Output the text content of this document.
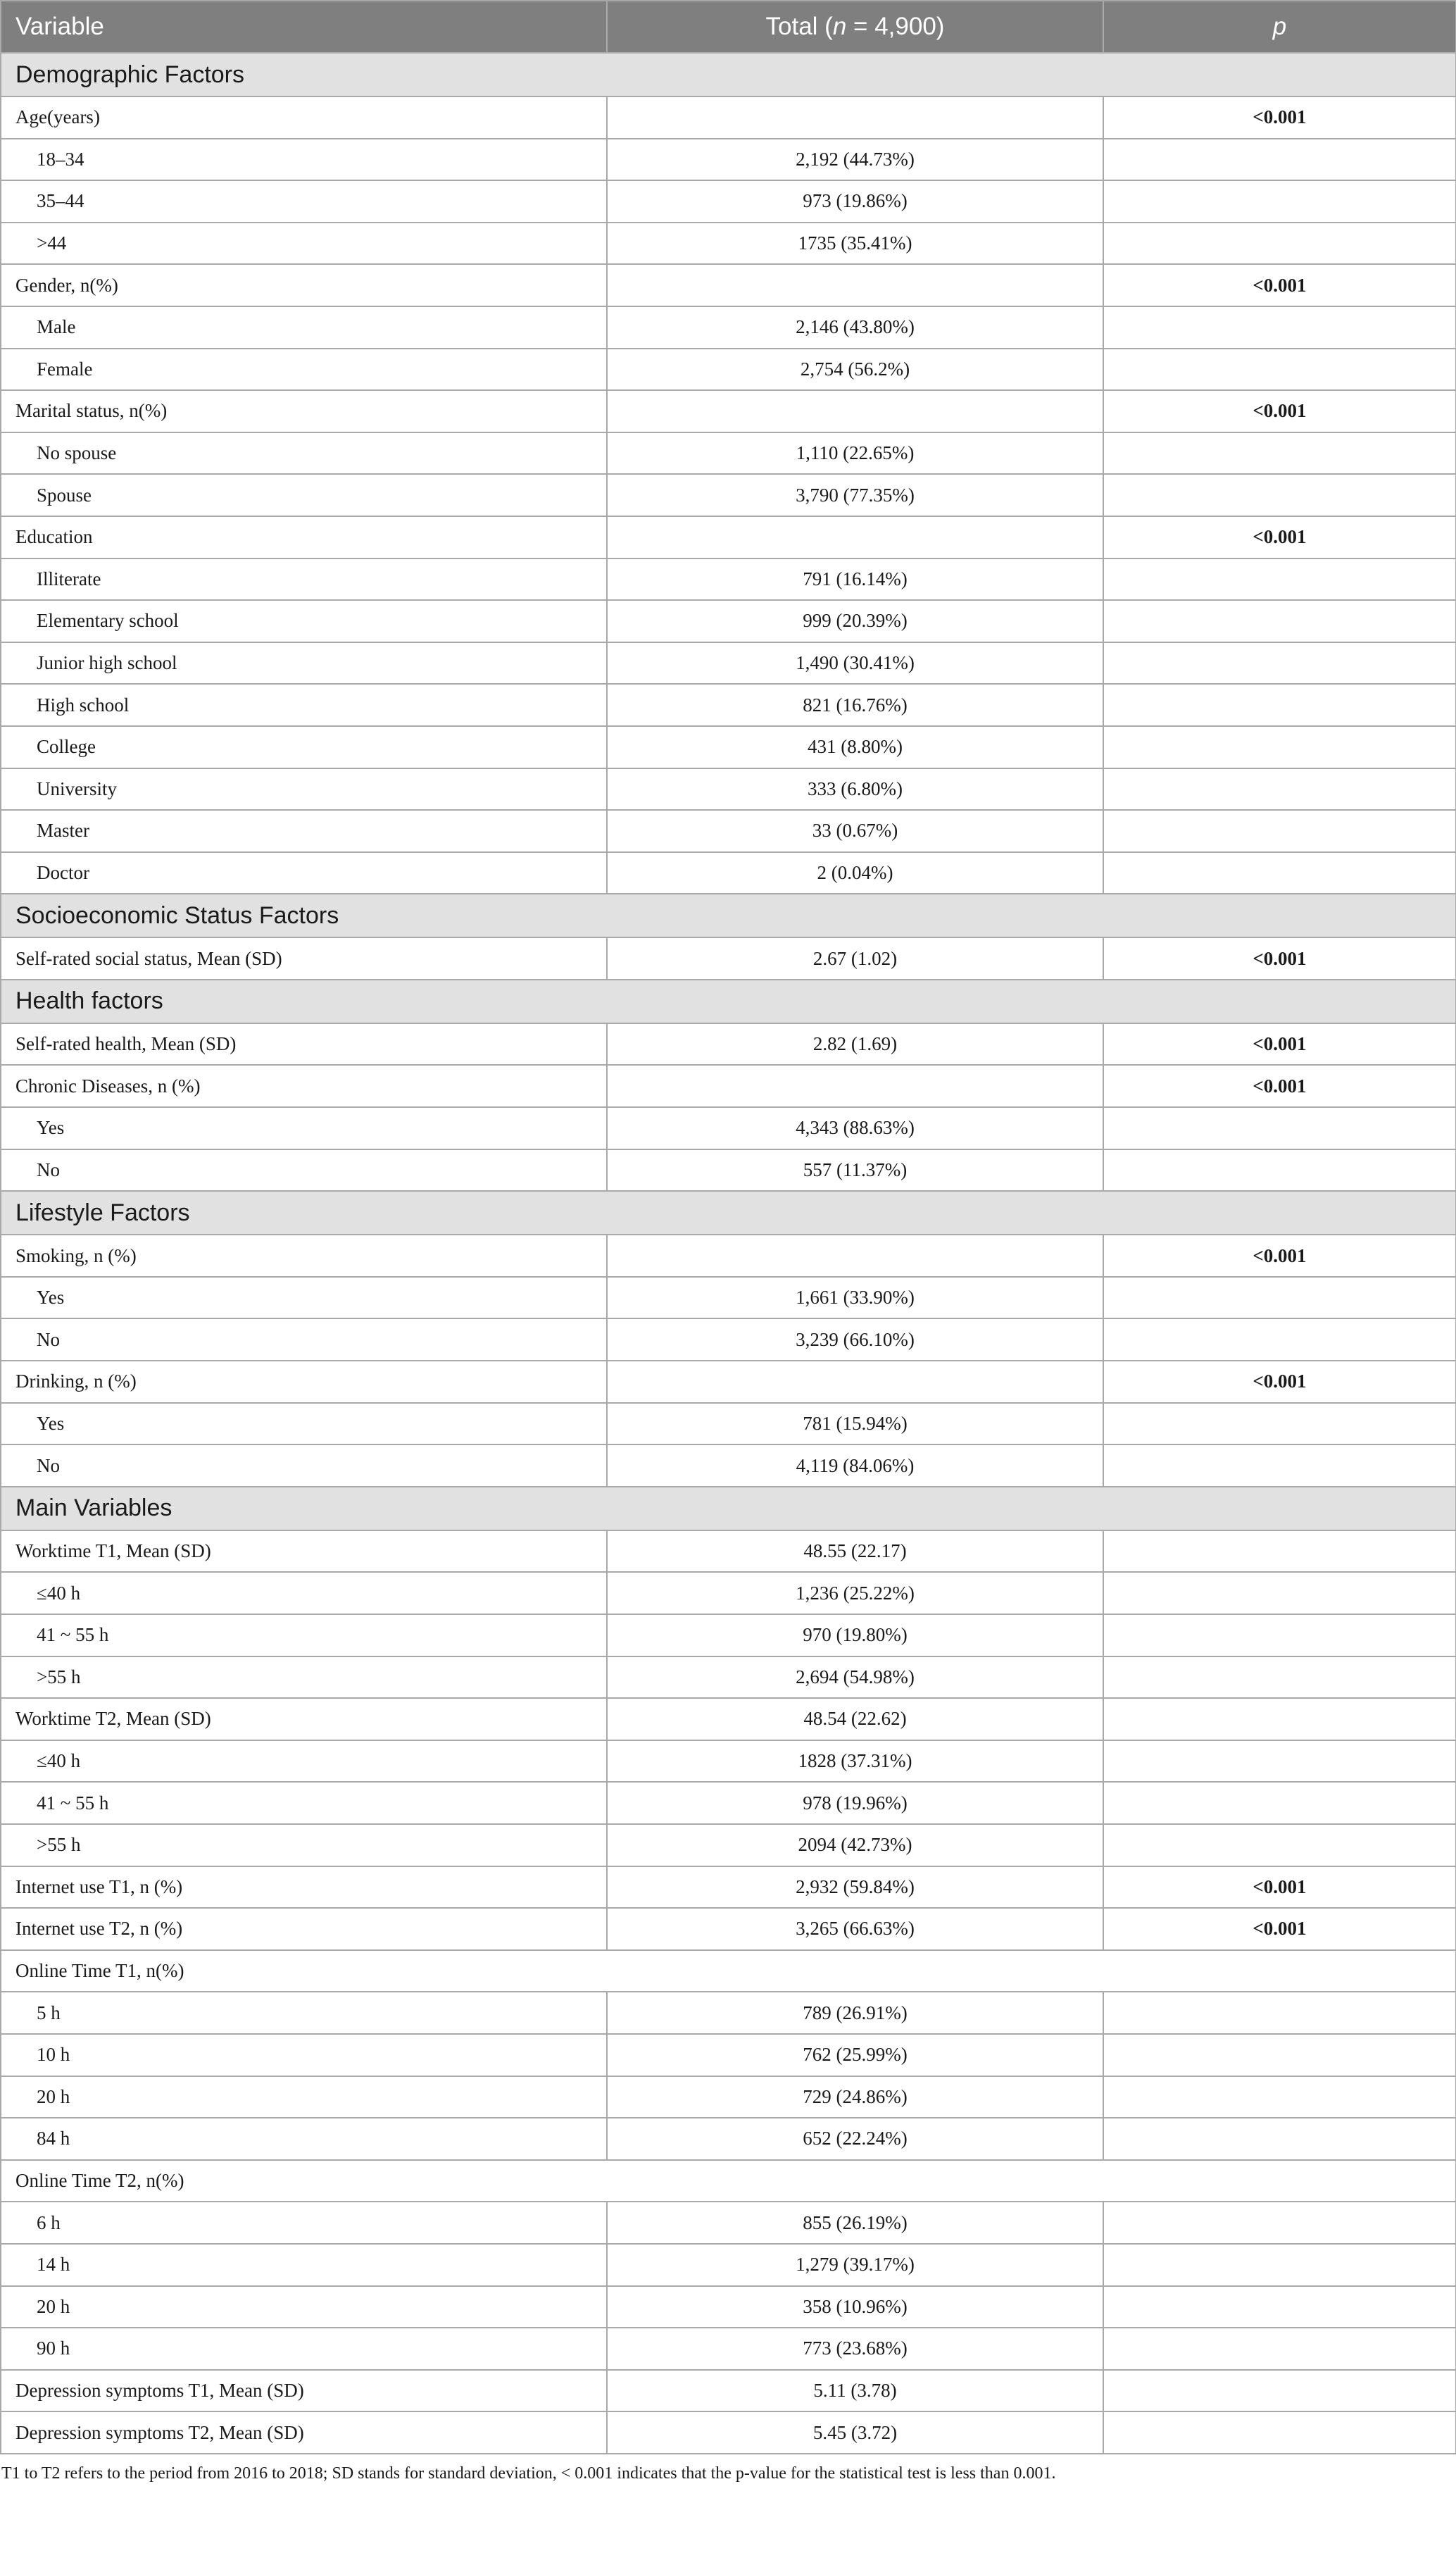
Variable	Total (n = 4,900)	p
Demographic Factors		
Age(years)		<0.001
18–34	2,192 (44.73%)	
35–44	973 (19.86%)	
>44	1735 (35.41%)	
Gender, n(%)		<0.001
Male	2,146 (43.80%)	
Female	2,754 (56.2%)	
Marital status, n(%)		<0.001
No spouse	1,110 (22.65%)	
Spouse	3,790 (77.35%)	
Education		<0.001
Illiterate	791 (16.14%)	
Elementary school	999 (20.39%)	
Junior high school	1,490 (30.41%)	
High school	821 (16.76%)	
College	431 (8.80%)	
University	333 (6.80%)	
Master	33 (0.67%)	
Doctor	2 (0.04%)	
Socioeconomic Status Factors		
Self-rated social status, Mean (SD)	2.67 (1.02)	<0.001
Health factors		
Self-rated health, Mean (SD)	2.82 (1.69)	<0.001
Chronic Diseases, n (%)		<0.001
Yes	4,343 (88.63%)	
No	557 (11.37%)	
Lifestyle Factors		
Smoking, n (%)		<0.001
Yes	1,661 (33.90%)	
No	3,239 (66.10%)	
Drinking, n (%)		<0.001
Yes	781 (15.94%)	
No	4,119 (84.06%)	
Main Variables		
Worktime T1, Mean (SD)	48.55 (22.17)	
≤40 h	1,236 (25.22%)	
41 ~ 55 h	970 (19.80%)	
>55 h	2,694 (54.98%)	
Worktime T2, Mean (SD)	48.54 (22.62)	
≤40 h	1828 (37.31%)	
41 ~ 55 h	978 (19.96%)	
>55 h	2094 (42.73%)	
Internet use T1, n (%)	2,932 (59.84%)	<0.001
Internet use T2, n (%)	3,265 (66.63%)	<0.001
Online Time T1, n(%)		
5 h	789 (26.91%)	
10 h	762 (25.99%)	
20 h	729 (24.86%)	
84 h	652 (22.24%)	
Online Time T2, n(%)		
6 h	855 (26.19%)	
14 h	1,279 (39.17%)	
20 h	358 (10.96%)	
90 h	773 (23.68%)	
Depression symptoms T1, Mean (SD)	5.11 (3.78)	
Depression symptoms T2, Mean (SD)	5.45 (3.72)	
T1 to T2 refers to the period from 2016 to 2018; SD stands for standard deviation, < 0.001 indicates that the p-value for the statistical test is less than 0.001.
